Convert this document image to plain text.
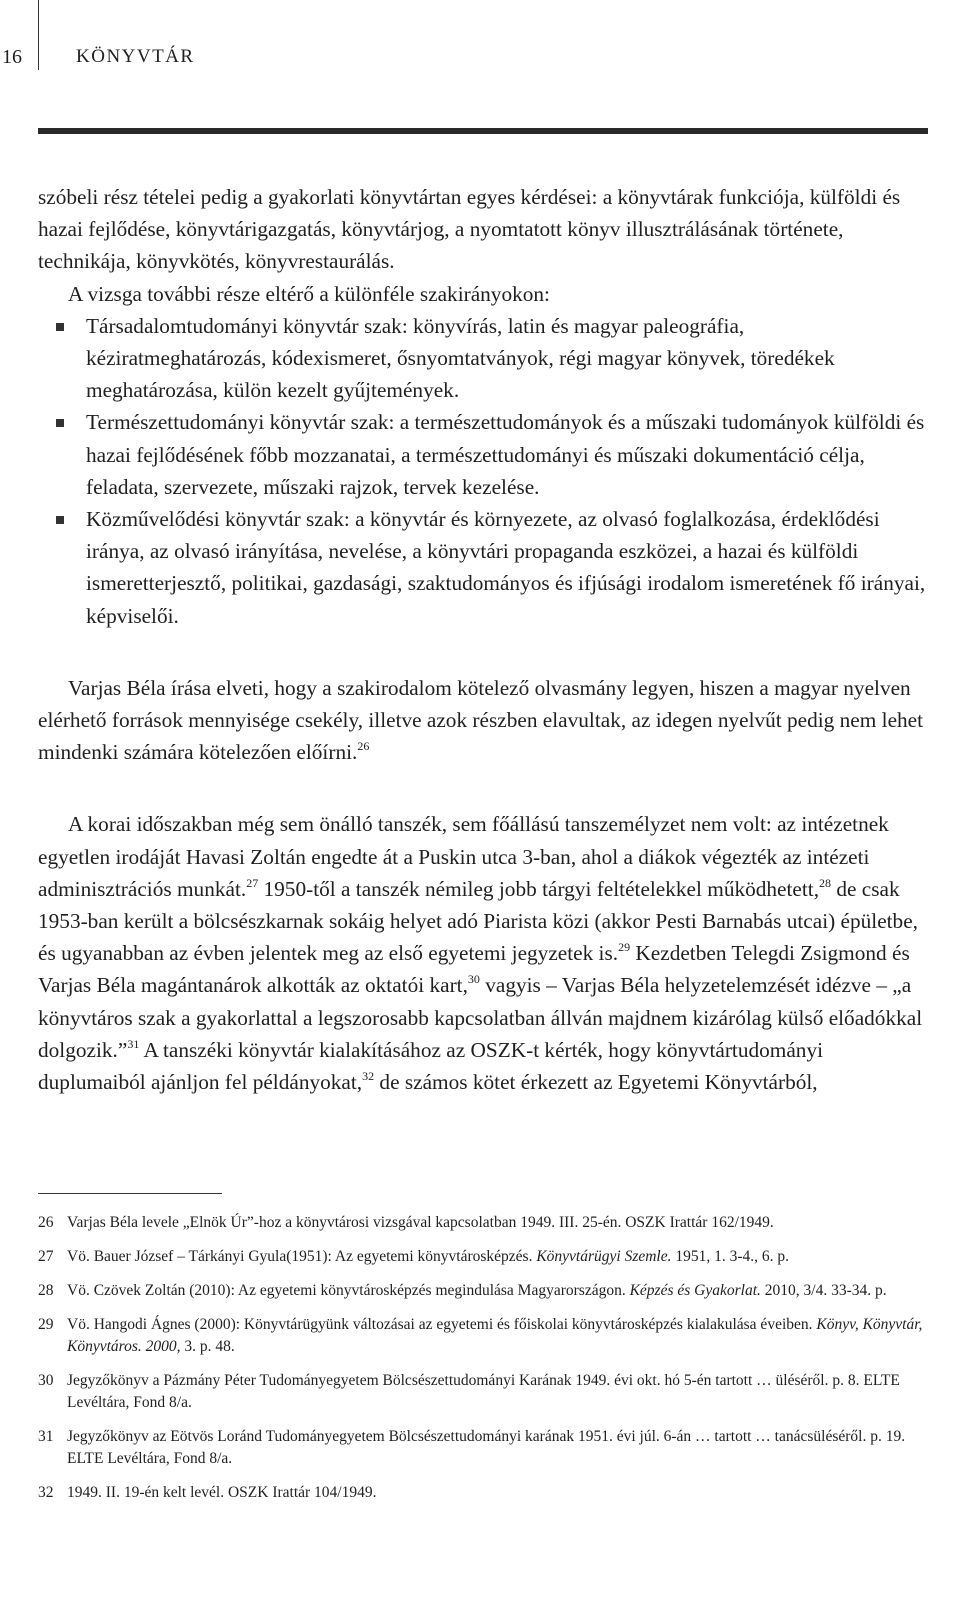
16	KÖNYVTÁR

szóbeli rész tételei pedig a gyakorlati könyvtártan egyes kérdései: a könyvtárak funkciója, külföldi és hazai fejlődése, könyvtárigazgatás, könyvtárjog, a nyomtatott könyv illusztrálásának története, technikája, könyvkötés, könyvrestaurálás.

A vizsga további része eltérő a különféle szakirányokon:

Társadalomtudományi könyvtár szak: könyvírás, latin és magyar paleográfia, kéziratmeghatározás, kódexismeret, ősnyomtatványok, régi magyar könyvek, töredékek meghatározása, külön kezelt gyűjtemények.
Természettudományi könyvtár szak: a természettudományok és a műszaki tudományok külföldi és hazai fejlődésének főbb mozzanatai, a természettudományi és műszaki dokumentáció célja, feladata, szervezete, műszaki rajzok, tervek kezelése.
Közművelődési könyvtár szak: a könyvtár és környezete, az olvasó foglalkozása, érdeklődési iránya, az olvasó irányítása, nevelése, a könyvtári propaganda eszközei, a hazai és külföldi ismeretterjesztő, politikai, gazdasági, szaktudományos és ifjúsági irodalom ismeretének fő irányai, képviselői.

Varjas Béla írása elveti, hogy a szakirodalom kötelező olvasmány legyen, hiszen a magyar nyelven elérhető források mennyisége csekély, illetve azok részben elavultak, az idegen nyelvűt pedig nem lehet mindenki számára kötelezően előírni.$^{26}$

A korai időszakban még sem önálló tanszék, sem főállású tanszemélyzet nem volt: az intézetnek egyetlen irodáját Havasi Zoltán engedte át a Puskin utca 3-ban, ahol a diákok végezték az intézeti adminisztrációs munkát.$^{27}$ 1950-től a tanszék némileg jobb tárgyi feltételekkel működhetett,$^{28}$ de csak 1953-ban került a bölcsészkarnak sokáig helyet adó Piarista közi (akkor Pesti Barnabás utcai) épületbe, és ugyanabban az évben jelentek meg az első egyetemi jegyzetek is.$^{29}$ Kezdetben Telegdi Zsigmond és Varjas Béla magántanárok alkották az oktatói kart,$^{30}$ vagyis – Varjas Béla helyzetelemzését idézve – „a könyvtáros szak a gyakorlattal a legszorosabb kapcsolatban állván majdnem kizárólag külső előadókkal dolgozik.”$^{31}$ A tanszéki könyvtár kialakításához az OSZK-t kérték, hogy könyvtártudományi duplumaiból ajánljon fel példányokat,$^{32}$ de számos kötet érkezett az Egyetemi Könyvtárból,

26 Varjas Béla levele „Elnök Úr”-hoz a könyvtárosi vizsgával kapcsolatban 1949. III. 25-én. OSZK Irattár 162/1949.
27 Vö. Bauer József – Tárkányi Gyula(1951): Az egyetemi könyvtárosképzés. Könyvtárügyi Szemle. 1951, 1. 3-4., 6. p.
28 Vö. Czövek Zoltán (2010): Az egyetemi könyvtárosképzés megindulása Magyarországon. Képzés és Gyakorlat. 2010, 3/4. 33-34. p.
29 Vö. Hangodi Ágnes (2000): Könyvtárügyünk változásai az egyetemi és főiskolai könyvtárosképzés kialakulása éveiben. Könyv, Könyvtár, Könyvtáros. 2000, 3. p. 48.
30 Jegyzőkönyv a Pázmány Péter Tudományegyetem Bölcsészettudományi Karának 1949. évi okt. hó 5-én tartott … üléséről. p. 8. ELTE Levéltára, Fond 8/a.
31 Jegyzőkönyv az Eötvös Loránd Tudományegyetem Bölcsészettudományi karának 1951. évi júl. 6-án … tartott … tanácsüléséről. p. 19. ELTE Levéltára, Fond 8/a.
32 1949. II. 19-én kelt levél. OSZK Irattár 104/1949.
